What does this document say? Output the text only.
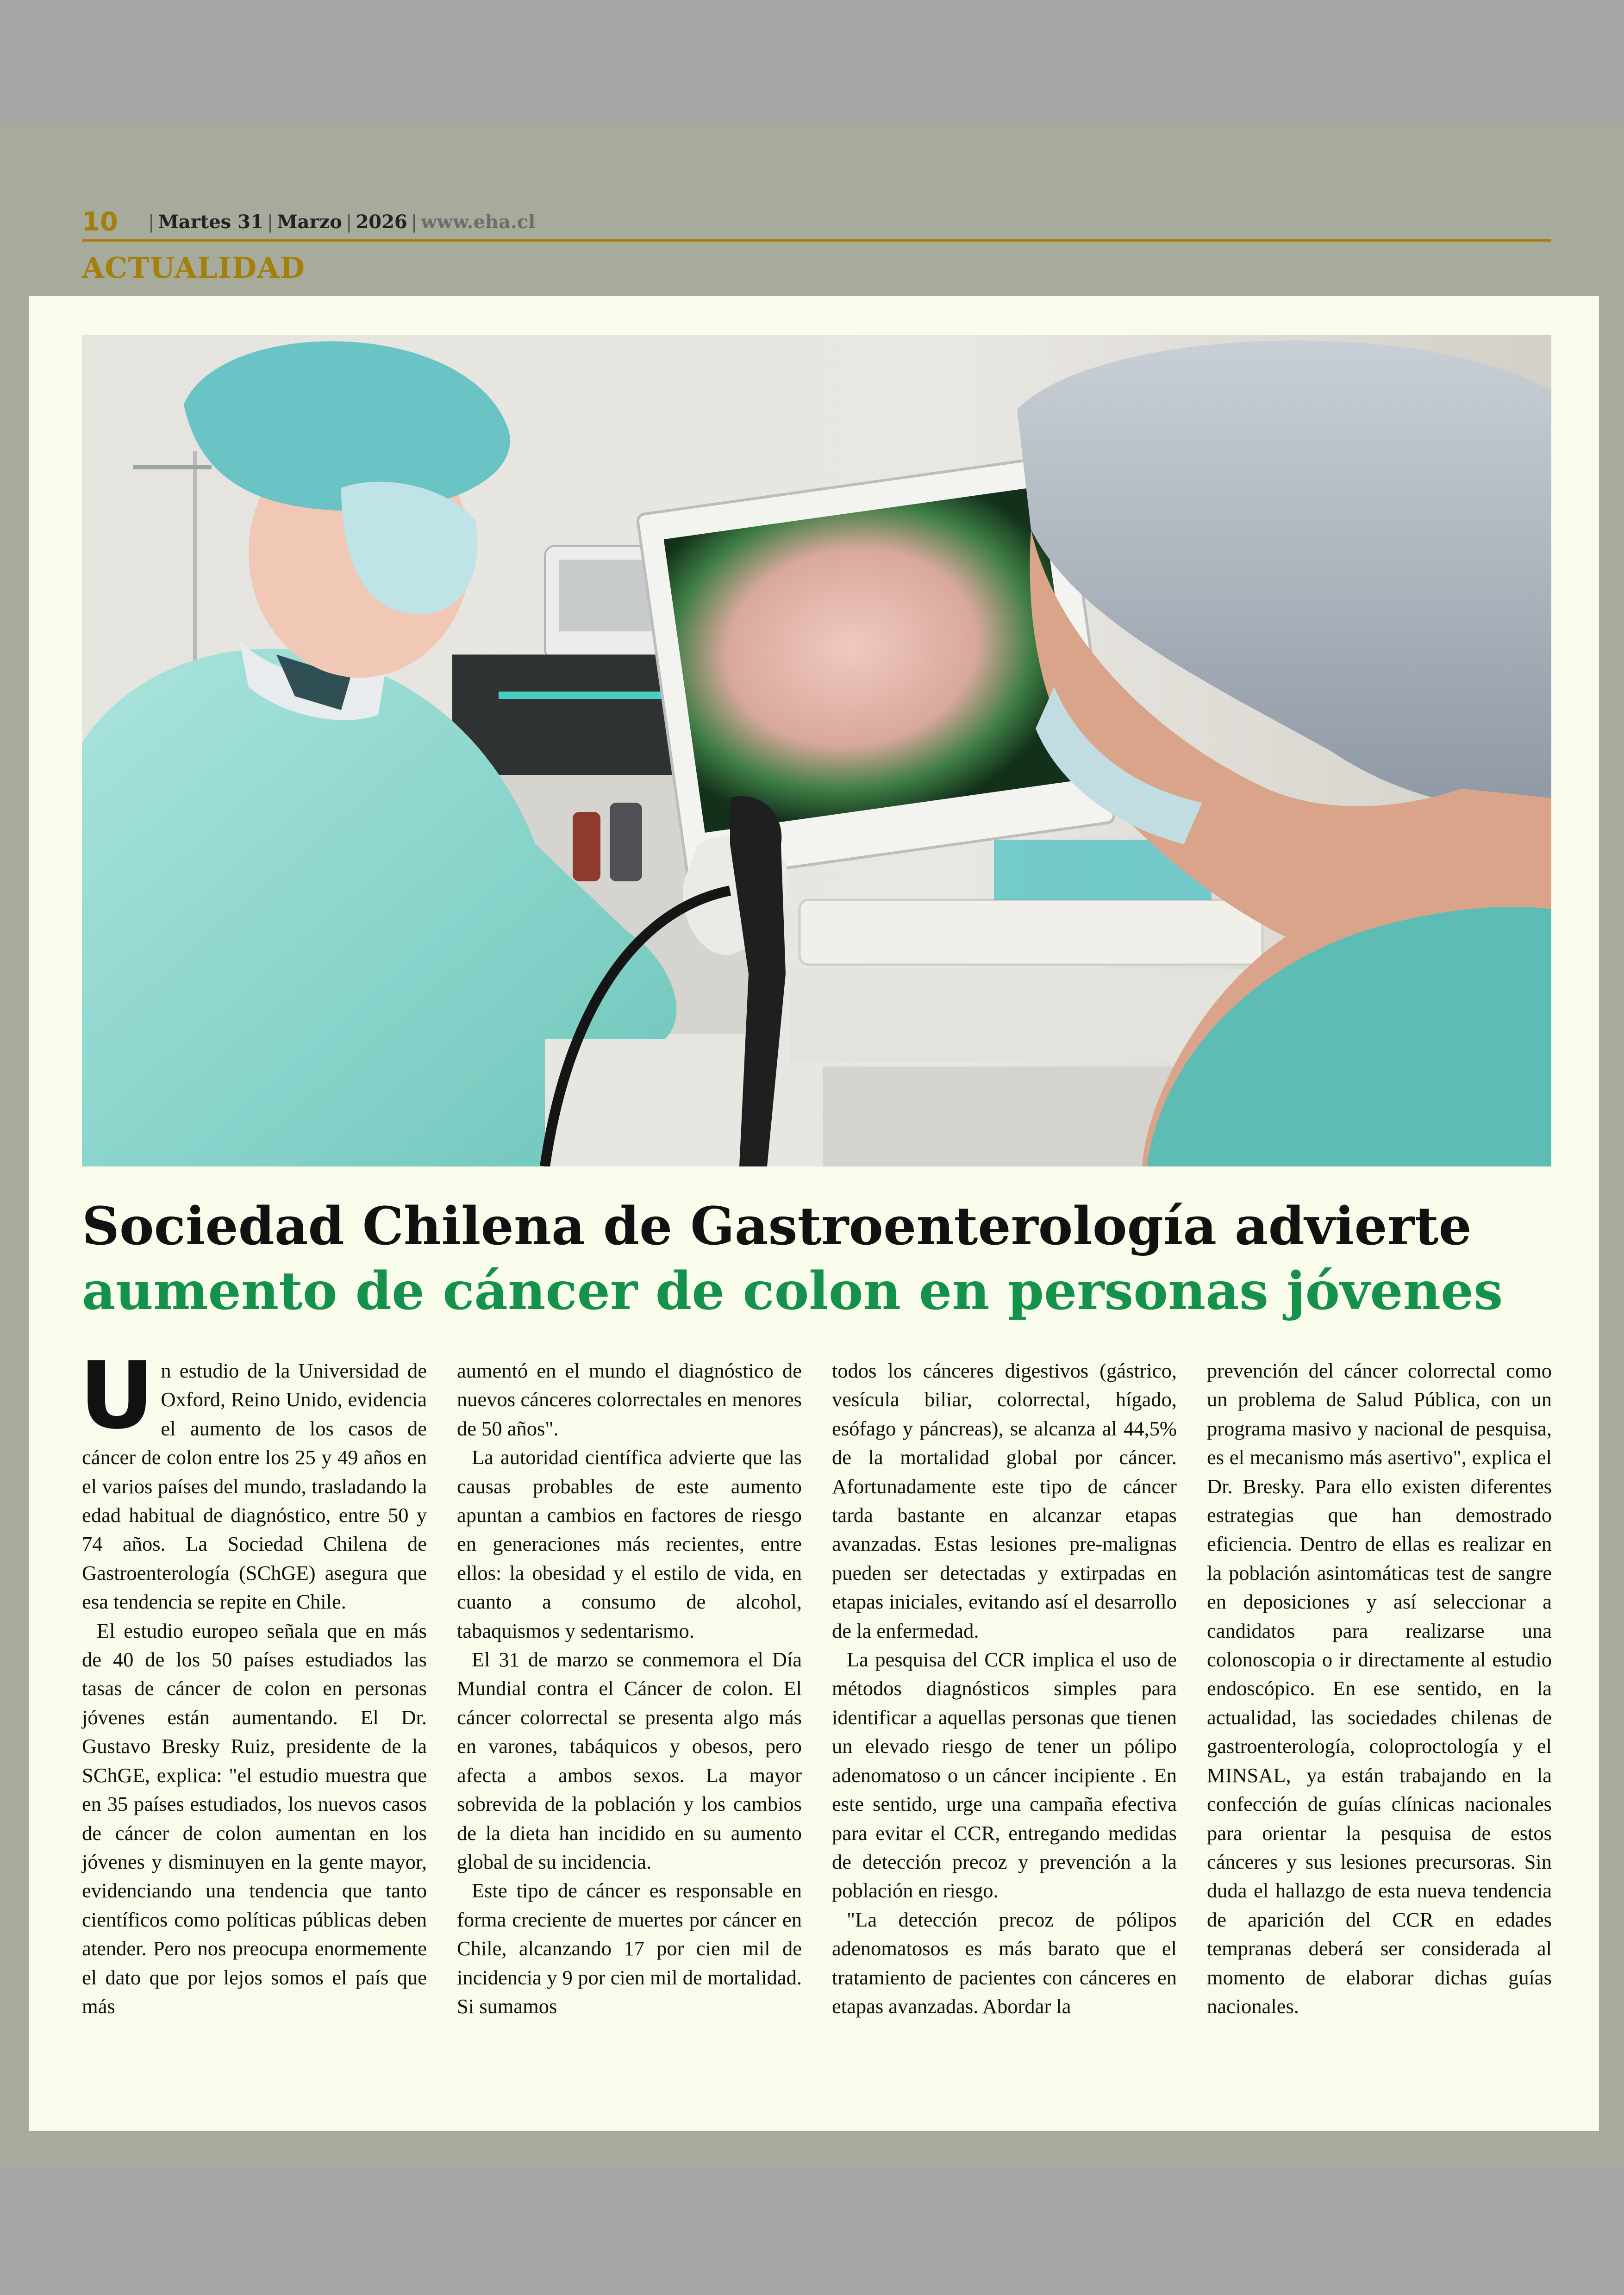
10 | Martes 31 | Marzo | 2026 | www.eha.cl
ACTUALIDAD
Sociedad Chilena de Gastroenterología advierte
aumento de cáncer de colon en personas jóvenes

Un estudio de la Universidad de Oxford, Reino Unido, evidencia el aumento de los casos de cáncer de colon entre los 25 y 49 años en el varios países del mundo, trasladando la edad habitual de diagnóstico, entre 50 y 74 años. La Sociedad Chilena de Gastroenterología (SChGE) asegura que esa tendencia se repite en Chile.

El estudio europeo señala que en más de 40 de los 50 países estudiados las tasas de cáncer de colon en personas jóvenes están aumentando. El Dr. Gustavo Bresky Ruiz, presidente de la SChGE, explica: "el estudio muestra que en 35 países estudiados, los nuevos casos de cáncer de colon aumentan en los jóvenes y disminuyen en la gente mayor, evidenciando una tendencia que tanto científicos como políticas públicas deben atender. Pero nos preocupa enormemente el dato que por lejos somos el país que más

aumentó en el mundo el diagnóstico de nuevos cánceres colorrectales en menores de 50 años".

La autoridad científica advierte que las causas probables de este aumento apuntan a cambios en factores de riesgo en generaciones más recientes, entre ellos: la obesidad y el estilo de vida, en cuanto a consumo de alcohol, tabaquismos y sedentarismo.

El 31 de marzo se conmemora el Día Mundial contra el Cáncer de colon. El cáncer colorrectal se presenta algo más en varones, tabáquicos y obesos, pero afecta a ambos sexos. La mayor sobrevida de la población y los cambios de la dieta han incidido en su aumento global de su incidencia.

Este tipo de cáncer es responsable en forma creciente de muertes por cáncer en Chile, alcanzando 17 por cien mil de incidencia y 9 por cien mil de mortalidad. Si sumamos

todos los cánceres digestivos (gástrico, vesícula biliar, colorrectal, hígado, esófago y páncreas), se alcanza al 44,5% de la mortalidad global por cáncer. Afortunadamente este tipo de cáncer tarda bastante en alcanzar etapas avanzadas. Estas lesiones pre-malignas pueden ser detectadas y extirpadas en etapas iniciales, evitando así el desarrollo de la enfermedad.

La pesquisa del CCR implica el uso de métodos diagnósticos simples para identificar a aquellas personas que tienen un elevado riesgo de tener un pólipo adenomatoso o un cáncer incipiente . En este sentido, urge una campaña efectiva para evitar el CCR, entregando medidas de detección precoz y prevención a la población en riesgo.

"La detección precoz de pólipos adenomatosos es más barato que el tratamiento de pacientes con cánceres en etapas avanzadas. Abordar la

prevención del cáncer colorrectal como un problema de Salud Pública, con un programa masivo y nacional de pesquisa, es el mecanismo más asertivo", explica el Dr. Bresky. Para ello existen diferentes estrategias que han demostrado eficiencia. Dentro de ellas es realizar en la población asintomáticas test de sangre en deposiciones y así seleccionar a candidatos para realizarse una colonoscopia o ir directamente al estudio endoscópico. En ese sentido, en la actualidad, las sociedades chilenas de gastroenterología, coloproctología y el MINSAL, ya están trabajando en la confección de guías clínicas nacionales para orientar la pesquisa de estos cánceres y sus lesiones precursoras. Sin duda el hallazgo de esta nueva tendencia de aparición del CCR en edades tempranas deberá ser considerada al momento de elaborar dichas guías nacionales.
